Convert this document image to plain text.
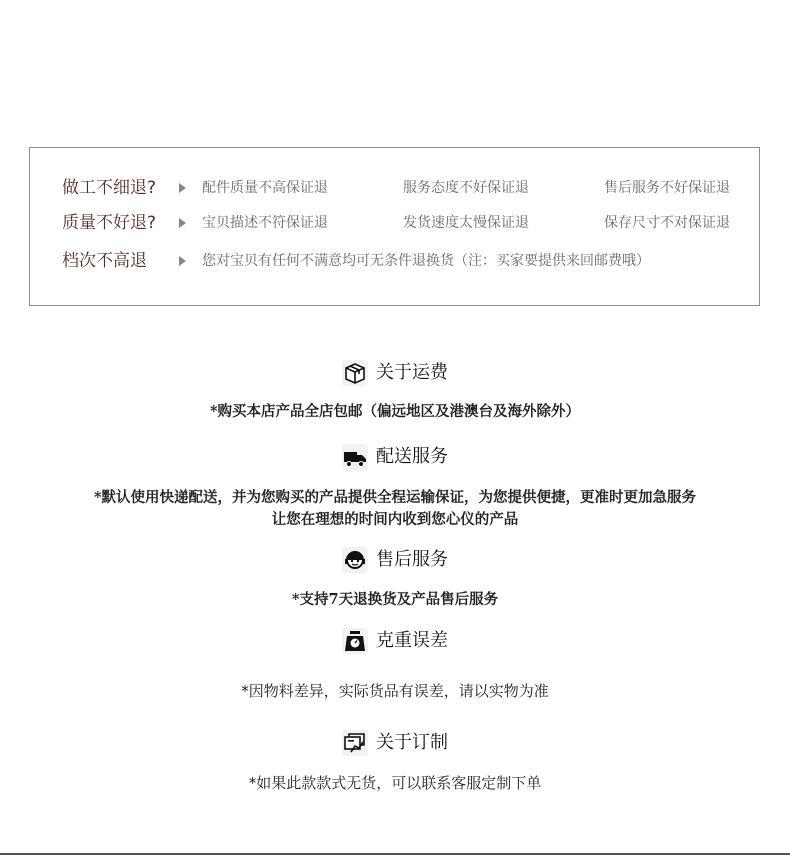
做工不细退?	配件质量不高保证退	服务态度不好保证退	售后服务不好保证退
质量不好退?	宝贝描述不符保证退	发货速度太慢保证退	保存尺寸不对保证退
档次不高退	您对宝贝有任何不满意均可无条件退换货（注：买家要提供来回邮费哦）
关于运费
*购买本店产品全店包邮（偏远地区及港澳台及海外除外）
配送服务
*默认使用快递配送，并为您购买的产品提供全程运输保证，为您提供便捷，更准时更加急服务
让您在理想的时间内收到您心仪的产品
售后服务
*支持7天退换货及产品售后服务
克重误差
*因物料差异，实际货品有误差，请以实物为准
关于订制
*如果此款款式无货，可以联系客服定制下单
